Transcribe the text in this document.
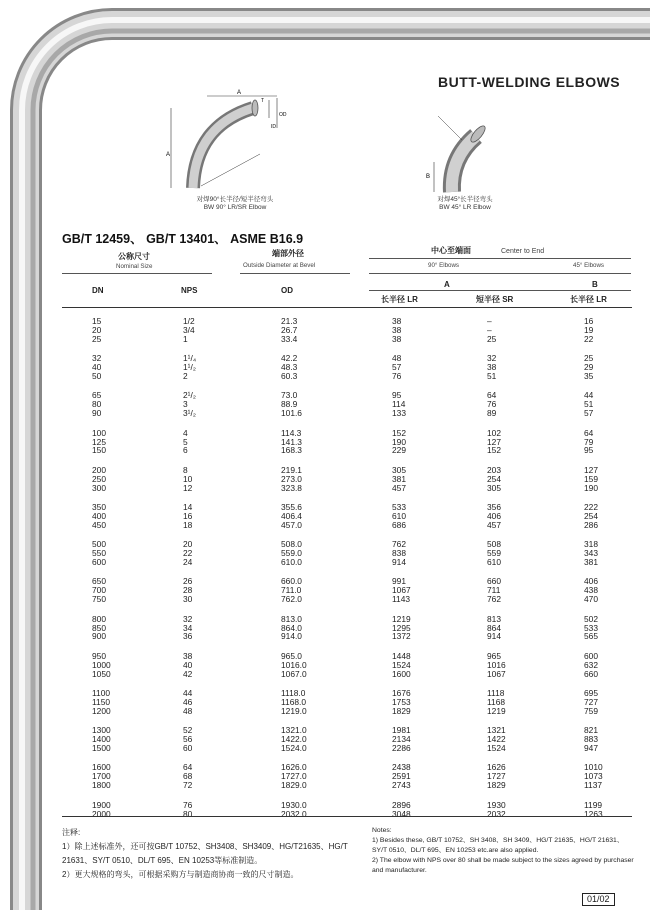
BUTT-WELDING ELBOWS
A
A
OD
ID
T
对焊90°长半径/短半径弯头
BW 90° LR/SR Elbow
B
对焊45°长半径弯头
BW 45° LR Elbow
GB/T 12459、 GB/T 13401、 ASME B16.9
公称尺寸
Nominal Size
端部外径
Outside Diameter at Bevel
中心至端面	Center to End
90° Elbows	45° Elbows
DN	NPS	OD
A	B
长半径 LR	短半径 SR	长半径 LR
15	1/2	21.3	38	–	16
20	3/4	26.7	38	–	19
25	1	33.4	38	25	22
32	1¹/₄	42.2	48	32	25
40	1¹/₂	48.3	57	38	29
50	2	60.3	76	51	35
65	2¹/₂	73.0	95	64	44
80	3	88.9	114	76	51
90	3¹/₂	101.6	133	89	57
100	4	114.3	152	102	64
125	5	141.3	190	127	79
150	6	168.3	229	152	95
200	8	219.1	305	203	127
250	10	273.0	381	254	159
300	12	323.8	457	305	190
350	14	355.6	533	356	222
400	16	406.4	610	406	254
450	18	457.0	686	457	286
500	20	508.0	762	508	318
550	22	559.0	838	559	343
600	24	610.0	914	610	381
650	26	660.0	991	660	406
700	28	711.0	1067	711	438
750	30	762.0	1143	762	470
800	32	813.0	1219	813	502
850	34	864.0	1295	864	533
900	36	914.0	1372	914	565
950	38	965.0	1448	965	600
1000	40	1016.0	1524	1016	632
1050	42	1067.0	1600	1067	660
1100	44	1118.0	1676	1118	695
1150	46	1168.0	1753	1168	727
1200	48	1219.0	1829	1219	759
1300	52	1321.0	1981	1321	821
1400	56	1422.0	2134	1422	883
1500	60	1524.0	2286	1524	947
1600	64	1626.0	2438	1626	1010
1700	68	1727.0	2591	1727	1073
1800	72	1829.0	2743	1829	1137
1900	76	1930.0	2896	1930	1199
2000	80	2032.0	3048	2032	1263
注释:
1）除上述标准外，还可按GB/T 10752、SH3408、SH3409、HG/T21635、HG/T 21631、SY/T 0510、DL/T 695、EN 10253等标准制造。
2）更大规格的弯头，可根据采购方与制造商协商一致的尺寸制造。
Notes:
1) Besides these, GB/T 10752、SH 3408、SH 3409、HG/T 21635、HG/T 21631、SY/T 0510、DL/T 695、EN 10253 etc.are also applied.
2) The elbow with NPS over 80 shall be made subject to the sizes agreed by purchaser and manufacturer.
01/02
